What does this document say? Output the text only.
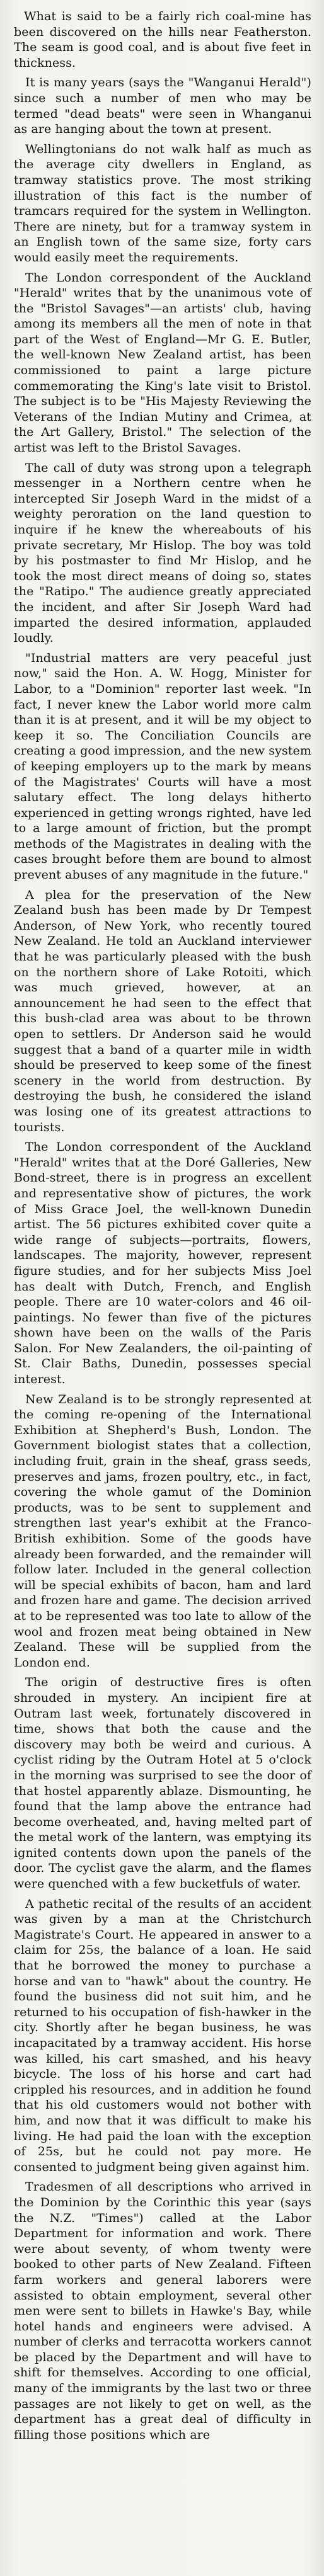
What is said to be a fairly rich coal-mine has been discovered on the hills near Featherston. The seam is good coal, and is about five feet in thickness.

It is many years (says the "Wanganui Herald") since such a number of men who may be termed "dead beats" were seen in Whanganui as are hanging about the town at present.

Wellingtonians do not walk half as much as the average city dwellers in England, as tramway statistics prove. The most striking illustration of this fact is the number of tramcars required for the system in Wellington. There are ninety, but for a tramway system in an English town of the same size, forty cars would easily meet the requirements.

The London correspondent of the Auckland "Herald" writes that by the unanimous vote of the "Bristol Savages"—an artists' club, having among its members all the men of note in that part of the West of England—Mr G. E. Butler, the well-known New Zealand artist, has been commissioned to paint a large picture commemorating the King's late visit to Bristol. The subject is to be "His Majesty Reviewing the Veterans of the Indian Mutiny and Crimea, at the Art Gallery, Bristol." The selection of the artist was left to the Bristol Savages.

The call of duty was strong upon a telegraph messenger in a Northern centre when he intercepted Sir Joseph Ward in the midst of a weighty peroration on the land question to inquire if he knew the whereabouts of his private secretary, Mr Hislop. The boy was told by his postmaster to find Mr Hislop, and he took the most direct means of doing so, states the "Ratipo." The audience greatly appreciated the incident, and after Sir Joseph Ward had imparted the desired information, applauded loudly.

"Industrial matters are very peaceful just now," said the Hon. A. W. Hogg, Minister for Labor, to a "Dominion" reporter last week. "In fact, I never knew the Labor world more calm than it is at present, and it will be my object to keep it so. The Conciliation Councils are creating a good impression, and the new system of keeping employers up to the mark by means of the Magistrates' Courts will have a most salutary effect. The long delays hitherto experienced in getting wrongs righted, have led to a large amount of friction, but the prompt methods of the Magistrates in dealing with the cases brought before them are bound to almost prevent abuses of any magnitude in the future."

A plea for the preservation of the New Zealand bush has been made by Dr Tempest Anderson, of New York, who recently toured New Zealand. He told an Auckland interviewer that he was particularly pleased with the bush on the northern shore of Lake Rotoiti, which was much grieved, however, at an announcement he had seen to the effect that this bush-clad area was about to be thrown open to settlers. Dr Anderson said he would suggest that a band of a quarter mile in width should be preserved to keep some of the finest scenery in the world from destruction. By destroying the bush, he considered the island was losing one of its greatest attractions to tourists.

The London correspondent of the Auckland "Herald" writes that at the Doré Galleries, New Bond-street, there is in progress an excellent and representative show of pictures, the work of Miss Grace Joel, the well-known Dunedin artist. The 56 pictures exhibited cover quite a wide range of subjects—portraits, flowers, landscapes. The majority, however, represent figure studies, and for her subjects Miss Joel has dealt with Dutch, French, and English people. There are 10 water-colors and 46 oil-paintings. No fewer than five of the pictures shown have been on the walls of the Paris Salon. For New Zealanders, the oil-painting of St. Clair Baths, Dunedin, possesses special interest.

New Zealand is to be strongly represented at the coming re-opening of the International Exhibition at Shepherd's Bush, London. The Government biologist states that a collection, including fruit, grain in the sheaf, grass seeds, preserves and jams, frozen poultry, etc., in fact, covering the whole gamut of the Dominion products, was to be sent to supplement and strengthen last year's exhibit at the Franco-British exhibition. Some of the goods have already been forwarded, and the remainder will follow later. Included in the general collection will be special exhibits of bacon, ham and lard and frozen hare and game. The decision arrived at to be represented was too late to allow of the wool and frozen meat being obtained in New Zealand. These will be supplied from the London end.

The origin of destructive fires is often shrouded in mystery. An incipient fire at Outram last week, fortunately discovered in time, shows that both the cause and the discovery may both be weird and curious. A cyclist riding by the Outram Hotel at 5 o'clock in the morning was surprised to see the door of that hostel apparently ablaze. Dismounting, he found that the lamp above the entrance had become overheated, and, having melted part of the metal work of the lantern, was emptying its ignited contents down upon the panels of the door. The cyclist gave the alarm, and the flames were quenched with a few bucketfuls of water.

A pathetic recital of the results of an accident was given by a man at the Christchurch Magistrate's Court. He appeared in answer to a claim for 25s, the balance of a loan. He said that he borrowed the money to purchase a horse and van to "hawk" about the country. He found the business did not suit him, and he returned to his occupation of fish-hawker in the city. Shortly after he began business, he was incapacitated by a tramway accident. His horse was killed, his cart smashed, and his heavy bicycle. The loss of his horse and cart had crippled his resources, and in addition he found that his old customers would not bother with him, and now that it was difficult to make his living. He had paid the loan with the exception of 25s, but he could not pay more. He consented to judgment being given against him.

Tradesmen of all descriptions who arrived in the Dominion by the Corinthic this year (says the N.Z. "Times") called at the Labor Department for information and work. There were about seventy, of whom twenty were booked to other parts of New Zealand. Fifteen farm workers and general laborers were assisted to obtain employment, several other men were sent to billets in Hawke's Bay, while hotel hands and engineers were advised. A number of clerks and terracotta workers cannot be placed by the Department and will have to shift for themselves. According to one official, many of the immigrants by the last two or three passages are not likely to get on well, as the department has a great deal of difficulty in filling those positions which are
